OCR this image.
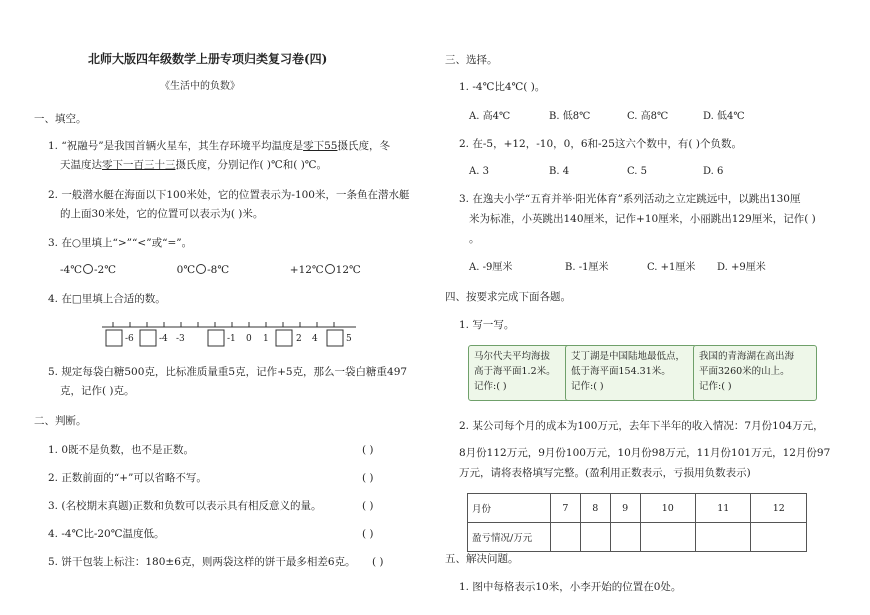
北师大版四年级数学上册专项归类复习卷(四)
《生活中的负数》
一、填空。
1. “祝融号”是我国首辆火星车，其生存环境平均温度是零下55摄氏度，冬
天温度达零下一百三十三摄氏度，分别记作( )℃和( )℃。
2. 一般潜水艇在海面以下100米处，它的位置表示为-100米，一条鱼在潜水艇
的上面30米处，它的位置可以表示为( )米。
3. 在○里填上“>”“<”或“=”。
-4℃ -2℃	0℃ -8℃	+12℃ 12℃
4. 在□里填上合适的数。
-6	-4 -3	-1 0 1	2 4	5
5. 规定每袋白糖500克，比标准质量重5克，记作+5克，那么一袋白糖重497
克，记作( )克。
二、判断。
1. 0既不是负数，也不是正数。	( )
2. 正数前面的“+”可以省略不写。	( )
3. (名校期末真题)正数和负数可以表示具有相反意义的量。	( )
4. -4℃比-20℃温度低。	( )
5. 饼干包装上标注：180±6克，则两袋这样的饼干最多相差6克。 ( )
三、选择。
1. -4℃比4℃( )。
A. 高4℃	B. 低8℃	C. 高8℃	D. 低4℃
2. 在-5，+12，-10，0，6和-25这六个数中，有( )个负数。
A. 3	B. 4	C. 5	D. 6
3. 在逸夫小学“五育并举·阳光体育”系列活动之立定跳远中，以跳出130厘
米为标准，小英跳出140厘米，记作+10厘米，小丽跳出129厘米，记作( )
。
A. -9厘米	B. -1厘米	C. +1厘米 D. +9厘米
四、按要求完成下面各题。
1. 写一写。
马尔代夫平均海拔
高于海平面1.2米。
记作:( )
艾丁湖是中国陆地最低点，
低于海平面154.31米。
记作:( )
我国的青海湖在高出海
平面3260米的山上。
记作:( )
2. 某公司每个月的成本为100万元，去年下半年的收入情况：7月份104万元，
8月份112万元，9月份100万元，10月份98万元，11月份101万元，12月份97
万元，请将表格填写完整。(盈利用正数表示，亏损用负数表示)
月份	7	8	9	10	11	12
盈亏情况/万元						
五、解决问题。
1. 图中每格表示10米，小李开始的位置在0处。
